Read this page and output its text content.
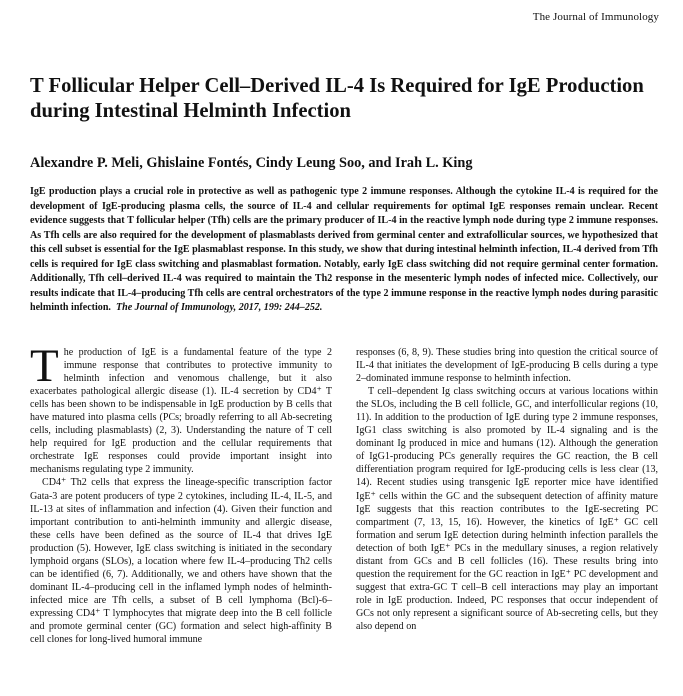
The Journal of Immunology
T Follicular Helper Cell–Derived IL-4 Is Required for IgE Production during Intestinal Helminth Infection

Alexandre P. Meli, Ghislaine Fontés, Cindy Leung Soo, and Irah L. King

IgE production plays a crucial role in protective as well as pathogenic type 2 immune responses. Although the cytokine IL-4 is required for the development of IgE-producing plasma cells, the source of IL-4 and cellular requirements for optimal IgE responses remain unclear. Recent evidence suggests that T follicular helper (Tfh) cells are the primary producer of IL-4 in the reactive lymph node during type 2 immune responses. As Tfh cells are also required for the development of plasmablasts derived from germinal center and extrafollicular sources, we hypothesized that this cell subset is essential for the IgE plasmablast response. In this study, we show that during intestinal helminth infection, IL-4 derived from Tfh cells is required for IgE class switching and plasmablast formation. Notably, early IgE class switching did not require germinal center formation. Additionally, Tfh cell–derived IL-4 was required to maintain the Th2 response in the mesenteric lymph nodes of infected mice. Collectively, our results indicate that IL-4–producing Tfh cells are central orchestrators of the type 2 immune response in the reactive lymph nodes during parasitic helminth infection. The Journal of Immunology, 2017, 199: 244–252.

The production of IgE is a fundamental feature of the type 2 immune response that contributes to protective immunity to helminth infection and venomous challenge, but it also exacerbates pathological allergic disease (1). IL-4 secretion by CD4⁺ T cells has been shown to be indispensable in IgE production by B cells that have matured into plasma cells (PCs; broadly referring to all Ab-secreting cells, including plasmablasts) (2, 3). Understanding the nature of T cell help required for IgE production and the cellular requirements that orchestrate IgE responses could provide important insight into mechanisms regulating type 2 immunity.

CD4⁺ Th2 cells that express the lineage-specific transcription factor Gata-3 are potent producers of type 2 cytokines, including IL-4, IL-5, and IL-13 at sites of inflammation and infection (4). Given their function and important contribution to anti-helminth immunity and allergic disease, these cells have been defined as the source of IL-4 that drives IgE production (5). However, IgE class switching is initiated in the secondary lymphoid organs (SLOs), a location where few IL-4–producing Th2 cells can be identified (6, 7). Additionally, we and others have shown that the dominant IL-4–producing cell in the inflamed lymph nodes of helminth-infected mice are Tfh cells, a subset of B cell lymphoma (Bcl)-6–expressing CD4⁺ T lymphocytes that migrate deep into the B cell follicle and promote germinal center (GC) formation and select high-affinity B cell clones for long-lived humoral immune

responses (6, 8, 9). These studies bring into question the critical source of IL-4 that initiates the development of IgE-producing B cells during a type 2–dominated immune response to helminth infection.

T cell–dependent Ig class switching occurs at various locations within the SLOs, including the B cell follicle, GC, and interfollicular regions (10, 11). In addition to the production of IgE during type 2 immune responses, IgG1 class switching is also promoted by IL-4 signaling and is the dominant Ig produced in mice and humans (12). Although the generation of IgG1-producing PCs generally requires the GC reaction, the B cell differentiation program required for IgE-producing cells is less clear (13, 14). Recent studies using transgenic IgE reporter mice have identified IgE⁺ cells within the GC and the subsequent detection of affinity mature IgE suggests that this reaction contributes to the IgE-secreting PC compartment (7, 13, 15, 16). However, the kinetics of IgE⁺ GC cell formation and serum IgE detection during helminth infection parallels the detection of both IgE⁺ PCs in the medullary sinuses, a region relatively distant from GCs and B cell follicles (16). These results bring into question the requirement for the GC reaction in IgE⁺ PC development and suggest that extra-GC T cell–B cell interactions may play an important role in IgE production. Indeed, PC responses that occur independent of GCs not only represent a significant source of Ab-secreting cells, but they also depend on
